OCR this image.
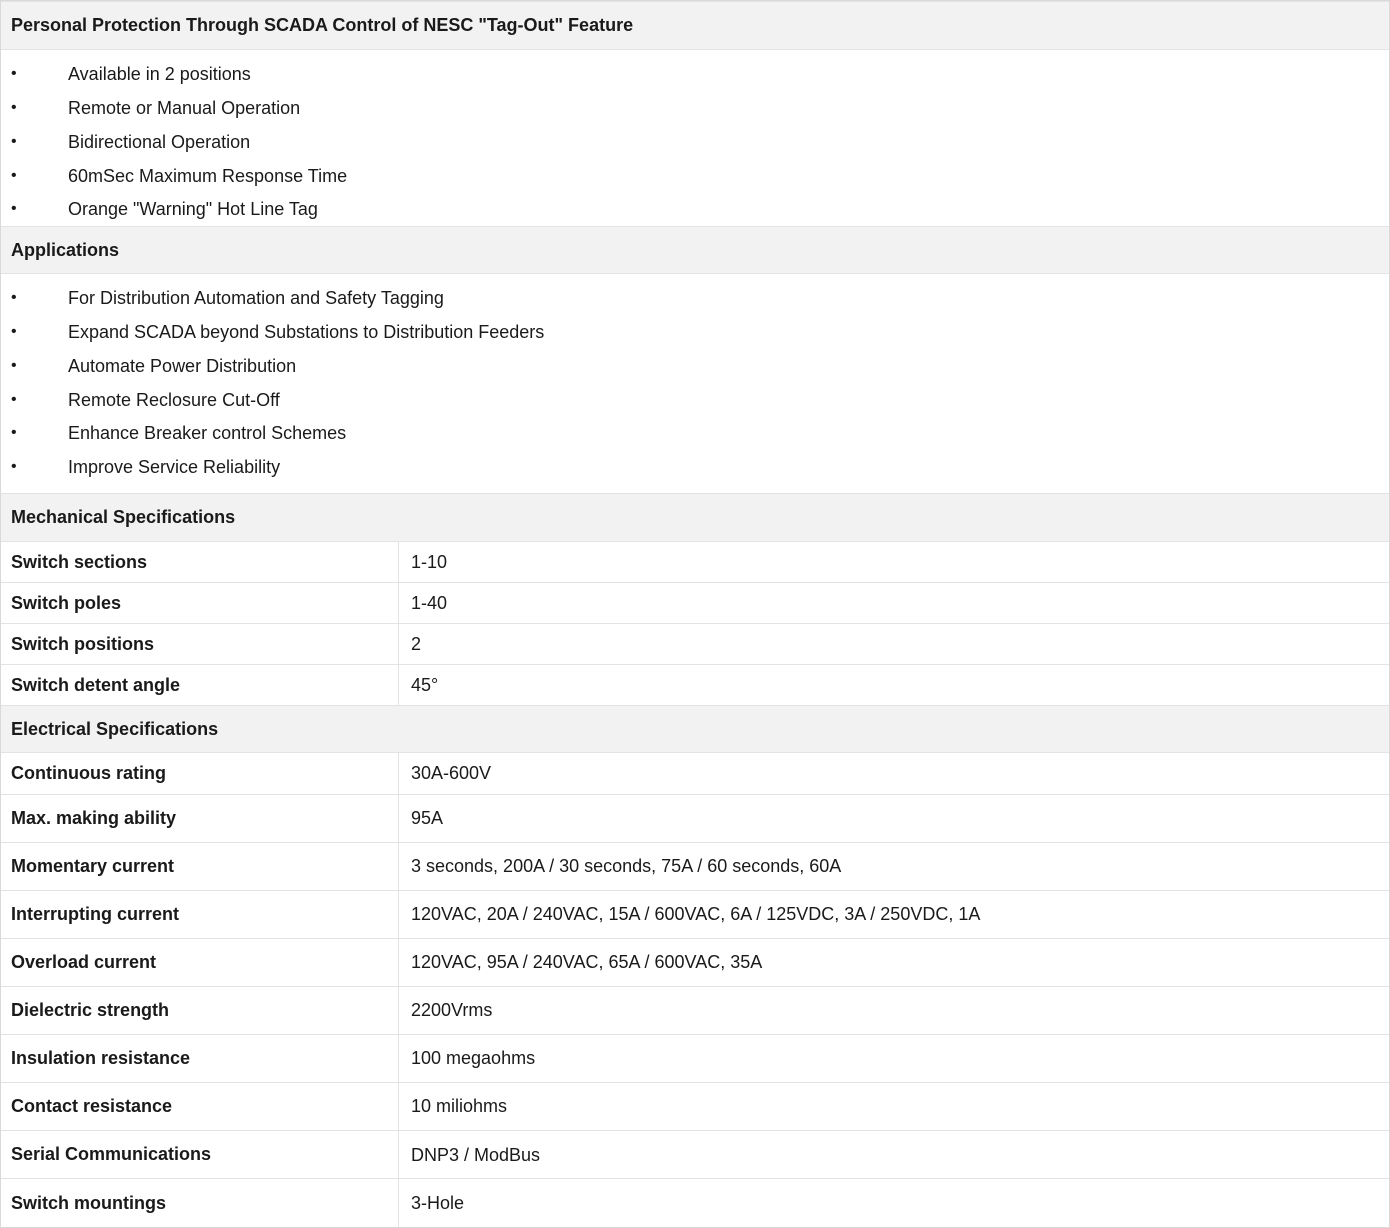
Personal Protection Through SCADA Control of NESC "Tag-Out" Feature
•	Available in 2 positions
•	Remote or Manual Operation
•	Bidirectional Operation
•	60mSec Maximum Response Time
•	Orange "Warning" Hot Line Tag
Applications
•	For Distribution Automation and Safety Tagging
•	Expand SCADA beyond Substations to Distribution Feeders
•	Automate Power Distribution
•	Remote Reclosure Cut-Off
•	Enhance Breaker control Schemes
•	Improve Service Reliability
Mechanical Specifications
Switch sections	1-10
Switch poles	1-40
Switch positions	2
Switch detent angle	45°
Electrical Specifications
Continuous rating	30A-600V
Max. making ability	95A
Momentary current	3 seconds, 200A / 30 seconds, 75A / 60 seconds, 60A
Interrupting current	120VAC, 20A / 240VAC, 15A / 600VAC, 6A / 125VDC, 3A / 250VDC, 1A
Overload current	120VAC, 95A / 240VAC, 65A / 600VAC, 35A
Dielectric strength	2200Vrms
Insulation resistance	100 megaohms
Contact resistance	10 miliohms
Serial Communications	DNP3 / ModBus
Switch mountings	3-Hole
